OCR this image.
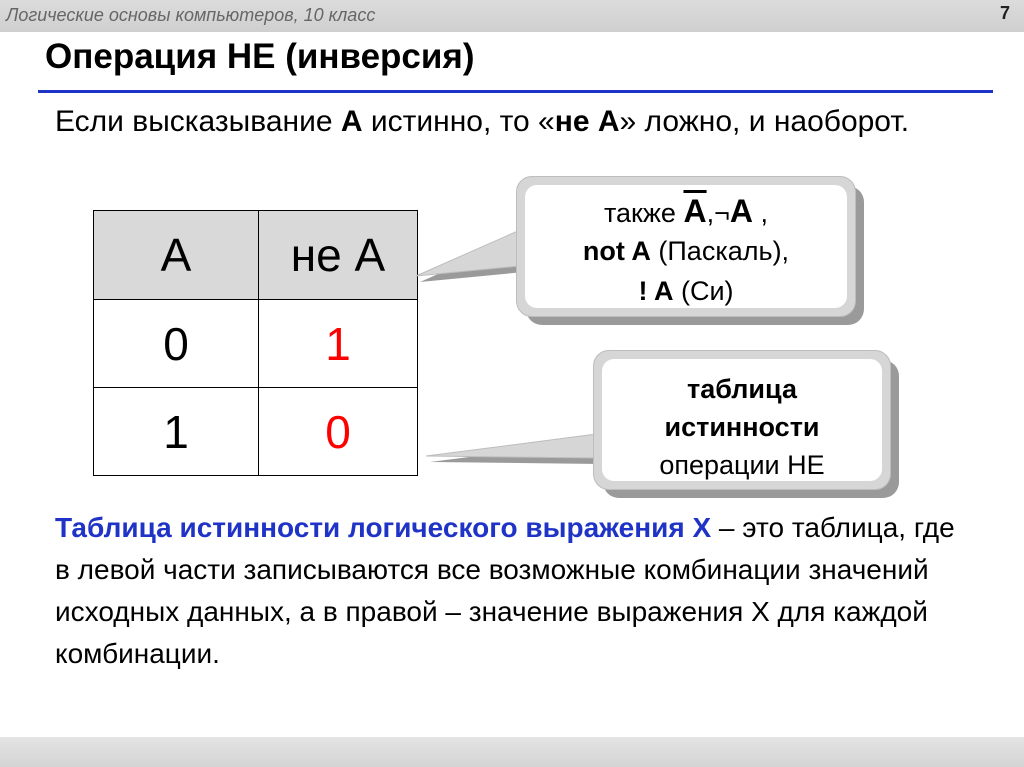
Логические основы компьютеров, 10 класс	7
Операция НЕ (инверсия)
Если высказывание А истинно, то «не А» ложно, и наоборот.
А	не А
0	1
1	0
также А,¬А ,
not A (Паскаль),
! A (Си)
таблица
истинности
операции НЕ
Таблица истинности логического выражения X – это таблица, где в левой части записываются все возможные комбинации значений исходных данных, а в правой – значение выражения X для каждой комбинации.
